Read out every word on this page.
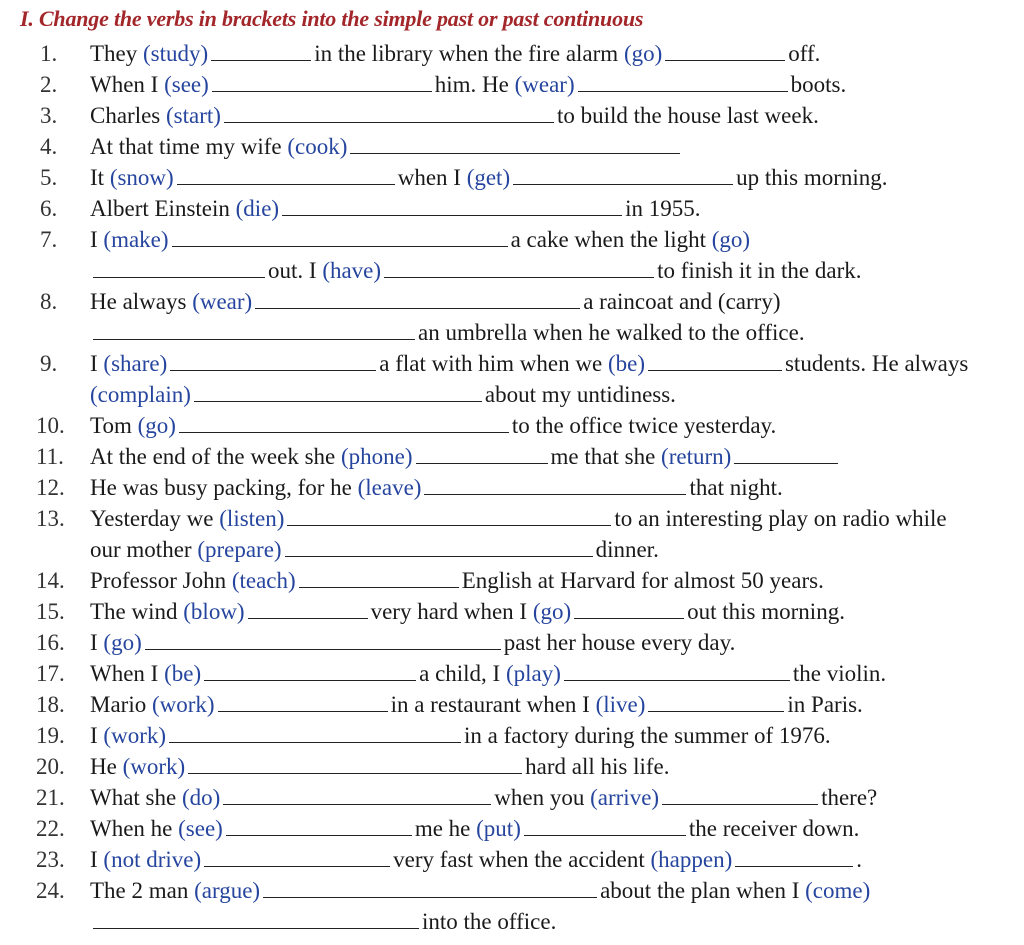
I. Change the verbs in brackets into the simple past or past continuous
1.	They (study)	in the library when the fire alarm (go)	off.
2.	When I (see)	him. He (wear)	boots.
3.	Charles (start)	to build the house last week.
4.	At that time my wife (cook)
5.	It (snow)	when I (get)	up this morning.
6.	Albert Einstein (die)	in 1955.
7.	I (make)	a cake when the light (go)
out. I (have)	to finish it in the dark.
8.	He always (wear)	a raincoat and (carry)
an umbrella when he walked to the office.
9.	I (share)	a flat with him when we (be)	students. He always
(complain)	about my untidiness.
10.	Tom (go)	to the office twice yesterday.
11.	At the end of the week she (phone)	me that she (return)
12.	He was busy packing, for he (leave)	that night.
13.	Yesterday we (listen)	to an interesting play on radio while
our mother (prepare)	dinner.
14.	Professor John (teach)	English at Harvard for almost 50 years.
15.	The wind (blow)	very hard when I (go)	out this morning.
16.	I (go)	past her house every day.
17.	When I (be)	a child, I (play)	the violin.
18.	Mario (work)	in a restaurant when I (live)	in Paris.
19.	I (work)	in a factory during the summer of 1976.
20.	He (work)	hard all his life.
21.	What she (do)	when you (arrive)	there?
22.	When he (see)	me he (put)	the receiver down.
23.	I (not drive)	very fast when the accident (happen)	.
24.	The 2 man (argue)	about the plan when I (come)
into the office.
